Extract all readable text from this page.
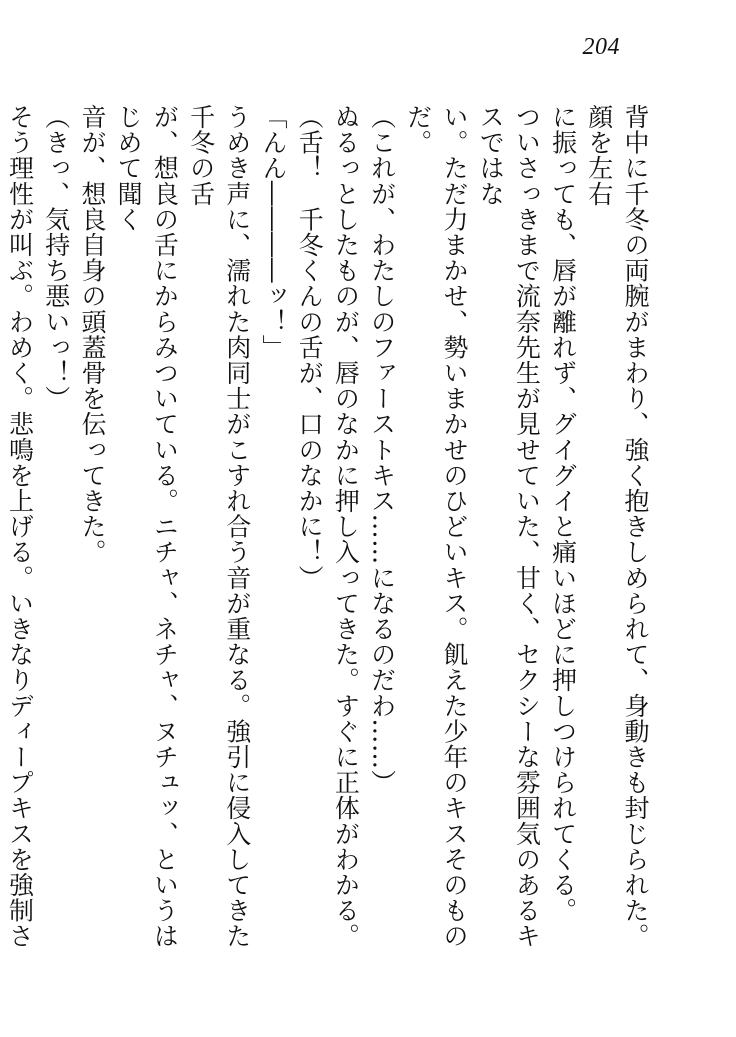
204

背中に千冬の両腕がまわり、強く抱きしめられて、身動きも封じられた。顔を左右

に振っても、唇が離れず、グイグイと痛いほどに押しつけられてくる。

ついさっきまで流奈先生が見せていた、甘く、セクシーな雰囲気のあるキスではな

い。ただ力まかせ、勢いまかせのひどいキス。飢えた少年のキスそのものだ。

（これが、わたしのファーストキス……になるのだわ……）

ぬるっとしたものが、唇のなかに押し入ってきた。すぐに正体がわかる。

（舌！　千冬くんの舌が、口のなかに！）

「んん――――ッ！」

うめき声に、濡れた肉同士がこすれ合う音が重なる。強引に侵入してきた千冬の舌

が、想良の舌にからみついている。ニチャ、ネチャ、ヌチュッ、というはじめて聞く

音が、想良自身の頭蓋骨を伝ってきた。

（きっ、気持ち悪いっ！）

そう理性が叫ぶ。わめく。悲鳴を上げる。いきなりディープキスを強制さ
